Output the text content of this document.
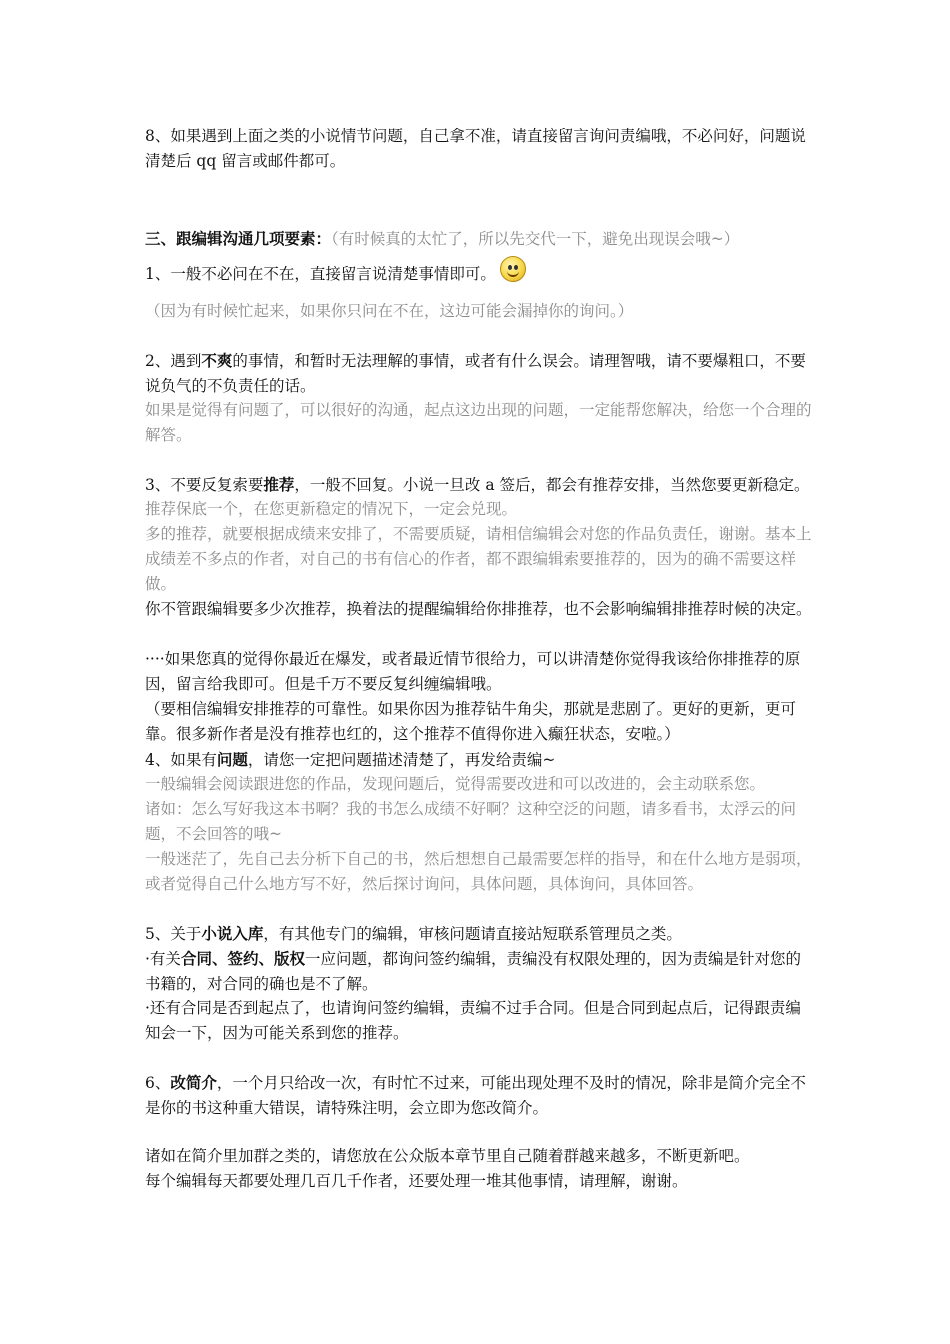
8、如果遇到上面之类的小说情节问题，自己拿不准，请直接留言询问责编哦，不必问好，问题说清楚后 qq 留言或邮件都可。

三、跟编辑沟通几项要素：（有时候真的太忙了，所以先交代一下，避免出现误会哦~）

1、一般不必问在不在，直接留言说清楚事情即可。

（因为有时候忙起来，如果你只问在不在，这边可能会漏掉你的询问。）

2、遇到不爽的事情，和暂时无法理解的事情，或者有什么误会。请理智哦，请不要爆粗口，不要说负气的不负责任的话。

如果是觉得有问题了，可以很好的沟通，起点这边出现的问题，一定能帮您解决，给您一个合理的解答。

3、不要反复索要推荐，一般不回复。小说一旦改 a 签后，都会有推荐安排，当然您要更新稳定。

推荐保底一个，在您更新稳定的情况下，一定会兑现。

多的推荐，就要根据成绩来安排了，不需要质疑，请相信编辑会对您的作品负责任，谢谢。基本上成绩差不多点的作者，对自己的书有信心的作者，都不跟编辑索要推荐的，因为的确不需要这样做。

你不管跟编辑要多少次推荐，换着法的提醒编辑给你排推荐，也不会影响编辑排推荐时候的决定。

····如果您真的觉得你最近在爆发，或者最近情节很给力，可以讲清楚你觉得我该给你排推荐的原因，留言给我即可。但是千万不要反复纠缠编辑哦。

（要相信编辑安排推荐的可靠性。如果你因为推荐钻牛角尖，那就是悲剧了。更好的更新，更可靠。很多新作者是没有推荐也红的，这个推荐不值得你进入癫狂状态，安啦。）

4、如果有问题，请您一定把问题描述清楚了，再发给责编~

一般编辑会阅读跟进您的作品，发现问题后，觉得需要改进和可以改进的，会主动联系您。

诸如：怎么写好我这本书啊？我的书怎么成绩不好啊？这种空泛的问题，请多看书，太浮云的问题，不会回答的哦~

一般迷茫了，先自己去分析下自己的书，然后想想自己最需要怎样的指导，和在什么地方是弱项，或者觉得自己什么地方写不好，然后探讨询问，具体问题，具体询问，具体回答。

5、关于小说入库，有其他专门的编辑，审核问题请直接站短联系管理员之类。

·有关合同、签约、版权一应问题，都询问签约编辑，责编没有权限处理的，因为责编是针对您的书籍的，对合同的确也是不了解。

·还有合同是否到起点了，也请询问签约编辑，责编不过手合同。但是合同到起点后，记得跟责编知会一下，因为可能关系到您的推荐。

6、改简介，一个月只给改一次，有时忙不过来，可能出现处理不及时的情况，除非是简介完全不是你的书这种重大错误，请特殊注明，会立即为您改简介。

诸如在简介里加群之类的，请您放在公众版本章节里自己随着群越来越多，不断更新吧。

每个编辑每天都要处理几百几千作者，还要处理一堆其他事情，请理解，谢谢。
